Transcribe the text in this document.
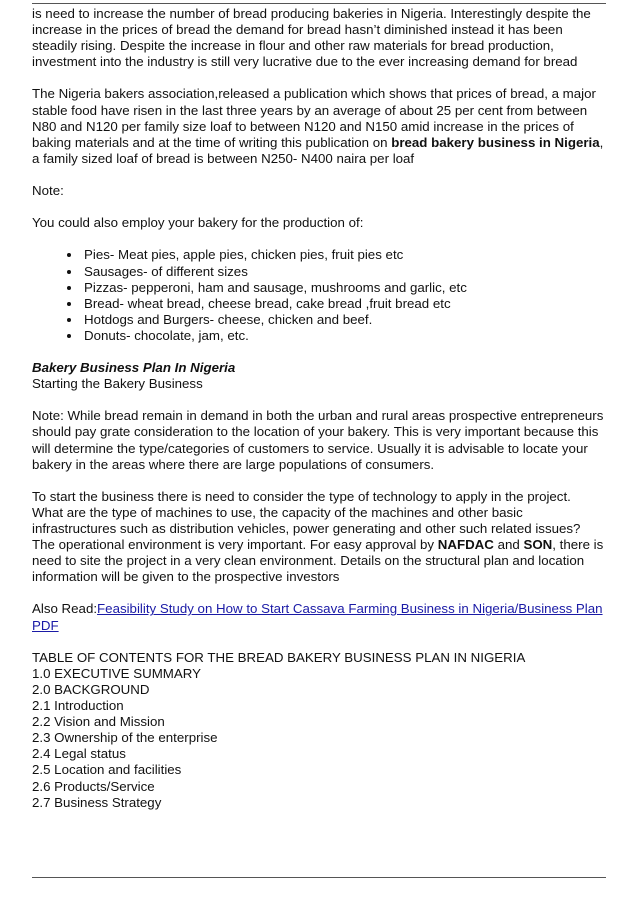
is need to increase the number of bread producing bakeries in Nigeria. Interestingly despite the increase in the prices of bread the demand for bread hasn’t diminished instead it has been steadily rising. Despite the increase in flour and other raw materials for bread production, investment into the industry is still very lucrative due to the ever increasing demand for bread

The Nigeria bakers association,released a publication which shows that prices of bread, a major stable food have risen in the last three years by an average of about 25 per cent from between N80 and N120 per family size loaf to between N120 and N150 amid increase in the prices of baking materials and at the time of writing this publication on bread bakery business in Nigeria, a family sized loaf of bread is between N250- N400 naira per loaf

Note:

You could also employ your bakery for the production of:

• Pies- Meat pies, apple pies, chicken pies, fruit pies etc
• Sausages- of different sizes
• Pizzas- pepperoni, ham and sausage, mushrooms and garlic, etc
• Bread- wheat bread, cheese bread, cake bread ,fruit bread etc
• Hotdogs and Burgers- cheese, chicken and beef.
• Donuts- chocolate, jam, etc.

Bakery Business Plan In Nigeria
Starting the Bakery Business

Note: While bread remain in demand in both the urban and rural areas prospective entrepreneurs should pay grate consideration to the location of your bakery. This is very important because this will determine the type/categories of customers to service. Usually it is advisable to locate your bakery in the areas where there are large populations of consumers.

To start the business there is need to consider the type of technology to apply in the project.
What are the type of machines to use, the capacity of the machines and other basic infrastructures such as distribution vehicles, power generating and other such related issues?
The operational environment is very important. For easy approval by NAFDAC and SON, there is need to site the project in a very clean environment. Details on the structural plan and location information will be given to the prospective investors

Also Read:Feasibility Study on How to Start Cassava Farming Business in Nigeria/Business Plan PDF

TABLE OF CONTENTS FOR THE BREAD BAKERY BUSINESS PLAN IN NIGERIA
1.0 EXECUTIVE SUMMARY
2.0 BACKGROUND
2.1 Introduction
2.2 Vision and Mission
2.3 Ownership of the enterprise
2.4 Legal status
2.5 Location and facilities
2.6 Products/Service
2.7 Business Strategy
